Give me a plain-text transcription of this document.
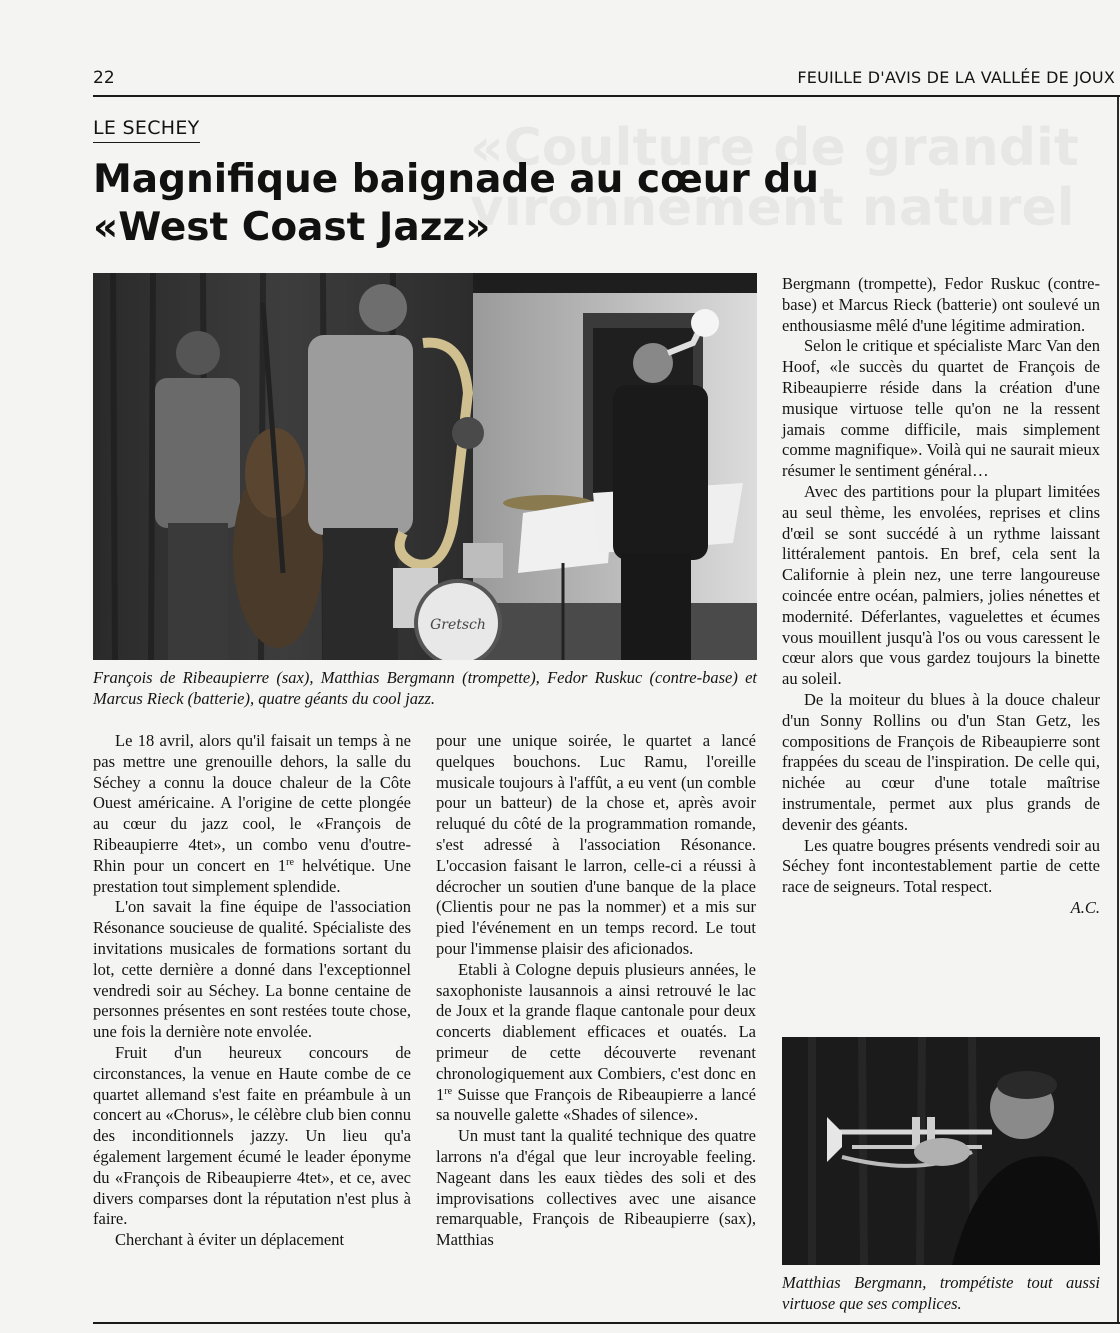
«Coulture de grandit
vironnement naturel
22	FEUILLE D'AVIS DE LA VALLÉE DE JOUX
LE SECHEY
Magnifique baignade au cœur du
«West Coast Jazz»
Gretsch
François de Ribeaupierre (sax), Matthias Bergmann (trompette), Fedor Ruskuc (contre-base) et Marcus Rieck (batterie), quatre géants du cool jazz.

Le 18 avril, alors qu'il faisait un temps à ne pas mettre une grenouille dehors, la salle du Séchey a connu la douce chaleur de la Côte Ouest américaine. A l'origine de cette plongée au cœur du jazz cool, le «François de Ribeaupierre 4tet», un combo venu d'outre-Rhin pour un concert en 1re helvétique. Une prestation tout simplement splendide.

L'on savait la fine équipe de l'association Résonance soucieuse de qualité. Spécialiste des invitations musicales de formations sortant du lot, cette dernière a donné dans l'exceptionnel vendredi soir au Séchey. La bonne centaine de personnes présentes en sont restées toute chose, une fois la dernière note envolée.

Fruit d'un heureux concours de circonstances, la venue en Haute combe de ce quartet allemand s'est faite en préambule à un concert au «Chorus», le célèbre club bien connu des inconditionnels jazzy. Un lieu qu'a également largement écumé le leader éponyme du «François de Ribeaupierre 4tet», et ce, avec divers comparses dont la réputation n'est plus à faire.

Cherchant à éviter un déplacement

pour une unique soirée, le quartet a lancé quelques bouchons. Luc Ramu, l'oreille musicale toujours à l'affût, a eu vent (un comble pour un batteur) de la chose et, après avoir reluqué du côté de la programmation romande, s'est adressé à l'association Résonance. L'occasion faisant le larron, celle-ci a réussi à décrocher un soutien d'une banque de la place (Clientis pour ne pas la nommer) et a mis sur pied l'événement en un temps record. Le tout pour l'immense plaisir des aficionados.

Etabli à Cologne depuis plusieurs années, le saxophoniste lausannois a ainsi retrouvé le lac de Joux et la grande flaque cantonale pour deux concerts diablement efficaces et ouatés. La primeur de cette découverte revenant chronologiquement aux Combiers, c'est donc en 1re Suisse que François de Ribeaupierre a lancé sa nouvelle galette «Shades of silence».

Un must tant la qualité technique des quatre larrons n'a d'égal que leur incroyable feeling. Nageant dans les eaux tièdes des soli et des improvisations collectives avec une aisance remarquable, François de Ribeaupierre (sax), Matthias

Bergmann (trompette), Fedor Ruskuc (contre-base) et Marcus Rieck (batterie) ont soulevé un enthousiasme mêlé d'une légitime admiration.

Selon le critique et spécialiste Marc Van den Hoof, «le succès du quartet de François de Ribeaupierre réside dans la création d'une musique virtuose telle qu'on ne la ressent jamais comme difficile, mais simplement comme magnifique». Voilà qui ne saurait mieux résumer le sentiment général…

Avec des partitions pour la plupart limitées au seul thème, les envolées, reprises et clins d'œil se sont succédé à un rythme laissant littéralement pantois. En bref, cela sent la Californie à plein nez, une terre langoureuse coincée entre océan, palmiers, jolies nénettes et modernité. Déferlantes, vaguelettes et écumes vous mouillent jusqu'à l'os ou vous caressent le cœur alors que vous gardez toujours la binette au soleil.

De la moiteur du blues à la douce chaleur d'un Sonny Rollins ou d'un Stan Getz, les compositions de François de Ribeaupierre sont frappées du sceau de l'inspiration. De celle qui, nichée au cœur d'une totale maîtrise instrumentale, permet aux plus grands de devenir des géants.

Les quatre bougres présents vendredi soir au Séchey font incontestablement partie de cette race de seigneurs. Total respect.

A.C.

Matthias Bergmann, trompétiste tout aussi virtuose que ses complices.
